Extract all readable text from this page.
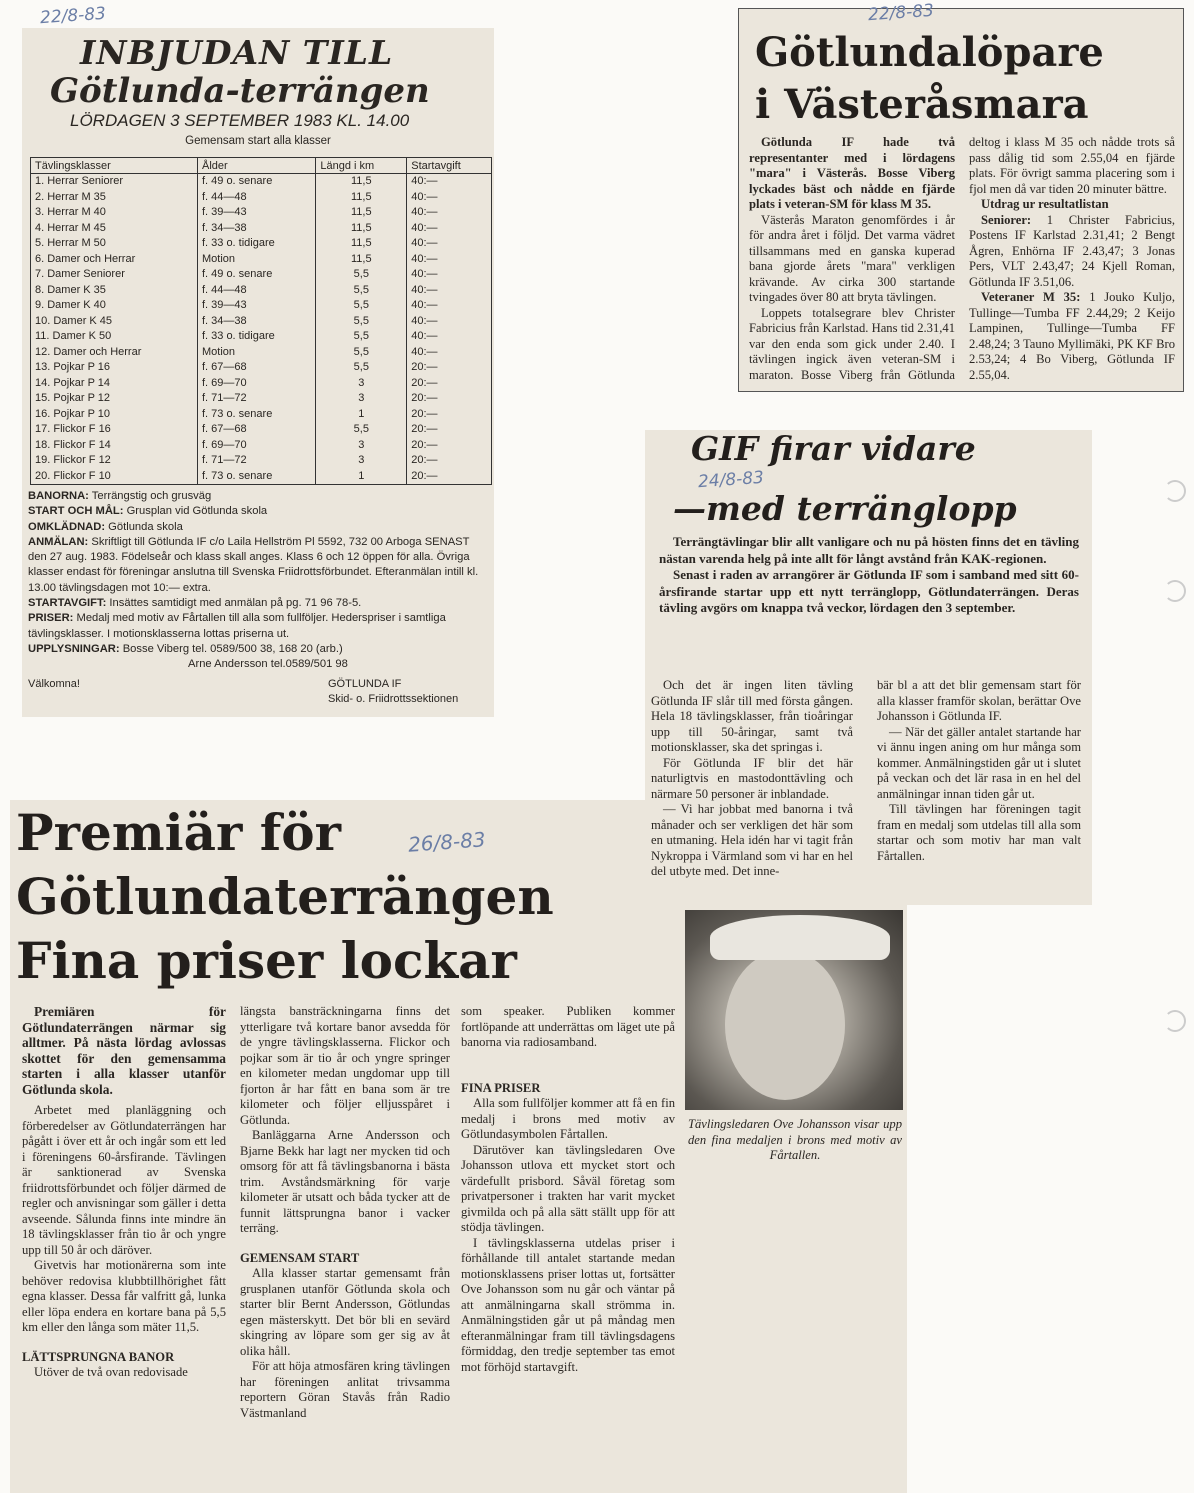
INBJUDAN TILL
Götlunda-terrängen
LÖRDAGEN 3 SEPTEMBER 1983 KL. 14.00
Gemensam start alla klasser
Tävlingsklasser	Ålder	Längd i km	Startavgift
1. Herrar Seniorer	f. 49 o. senare	11,5	40:—
2. Herrar M 35	f. 44—48	11,5	40:—
3. Herrar M 40	f. 39—43	11,5	40:—
4. Herrar M 45	f. 34—38	11,5	40:—
5. Herrar M 50	f. 33 o. tidigare	11,5	40:—
6. Damer och Herrar	Motion	11,5	40:—
7. Damer Seniorer	f. 49 o. senare	5,5	40:—
8. Damer K 35	f. 44—48	5,5	40:—
9. Damer K 40	f. 39—43	5,5	40:—
10. Damer K 45	f. 34—38	5,5	40:—
11. Damer K 50	f. 33 o. tidigare	5,5	40:—
12. Damer och Herrar	Motion	5,5	40:—
13. Pojkar P 16	f. 67—68	5,5	20:—
14. Pojkar P 14	f. 69—70	3	20:—
15. Pojkar P 12	f. 71—72	3	20:—
16. Pojkar P 10	f. 73 o. senare	1	20:—
17. Flickor F 16	f. 67—68	5,5	20:—
18. Flickor F 14	f. 69—70	3	20:—
19. Flickor F 12	f. 71—72	3	20:—
20. Flickor F 10	f. 73 o. senare	1	20:—
BANORNA: Terrängstig och grusväg
START OCH MÅL: Grusplan vid Götlunda skola
OMKLÄDNAD: Götlunda skola
ANMÄLAN: Skriftligt till Götlunda IF c/o Laila Hellström Pl 5592, 732 00 Arboga SENAST den 27 aug. 1983. Födelseår och klass skall anges. Klass 6 och 12 öppen för alla. Övriga klasser endast för föreningar anslutna till Svenska Friidrottsförbundet. Efteranmälan intill kl. 13.00 tävlingsdagen mot 10:— extra.
STARTAVGIFT: Insättes samtidigt med anmälan på pg. 71 96 78-5.
PRISER: Medalj med motiv av Fårtallen till alla som fullföljer. Hederspriser i samtliga tävlingsklasser. I motionsklasserna lottas priserna ut.
UPPLYSNINGAR: Bosse Viberg tel. 0589/500 38, 168 20 (arb.)
Arne Andersson tel.0589/501 98
Välkomna!	GÖTLUNDA IF
Skid- o. Friidrottssektionen
22/8-83
Götlundalöpare
i Västeråsmara

Götlunda IF hade två representanter med i lördagens "mara" i Västerås. Bosse Viberg lyckades bäst och nådde en fjärde plats i veteran-SM för klass M 35.

Västerås Maraton genomfördes i år för andra året i följd. Det varma vädret tillsammans med en ganska kuperad bana gjorde årets "mara" verkligen krävande. Av cirka 300 startande tvingades över 80 att bryta tävlingen.

Loppets totalsegrare blev Christer Fabricius från Karlstad. Hans tid 2.31,41 var den enda som gick under 2.40. I tävlingen ingick även veteran-SM i maraton. Bosse Viberg från Götlunda deltog i klass M 35 och nådde trots så pass dålig tid som 2.55,04 en fjärde plats. För övrigt samma placering som i fjol men då var tiden 20 minuter bättre.

Utdrag ur resultatlistan

Seniorer: 1 Christer Fabricius, Postens IF Karlstad 2.31,41; 2 Bengt Ågren, Enhörna IF 2.43,47; 3 Jonas Pers, VLT 2.43,47; 24 Kjell Roman, Götlunda IF 3.51,06.

Veteraner M 35: 1 Jouko Kuljo, Tullinge—Tumba FF 2.44,29; 2 Keijo Lampinen, Tullinge—Tumba FF 2.48,24; 3 Tauno Myllimäki, PK KF Bro 2.53,24; 4 Bo Viberg, Götlunda IF 2.55,04.

22/8-83
GIF firar vidare
—med terränglopp

Terrängtävlingar blir allt vanligare och nu på hösten finns det en tävling nästan varenda helg på inte allt för långt avstånd från KAK-regionen.

Senast i raden av arrangörer är Götlunda IF som i samband med sitt 60-årsfirande startar upp ett nytt terränglopp, Götlundaterrängen. Deras tävling avgörs om knappa två veckor, lördagen den 3 september.

Och det är ingen liten tävling Götlunda IF slår till med första gången. Hela 18 tävlingsklasser, från tioåringar upp till 50-åringar, samt två motionsklasser, ska det springas i.

För Götlunda IF blir det här naturligtvis en mastodonttävling och närmare 50 personer är inblandade.

— Vi har jobbat med banorna i två månader och ser verkligen det här som en utmaning. Hela idén har vi tagit från Nykroppa i Värmland som vi har en hel del utbyte med. Det inne-

bär bl a att det blir gemensam start för alla klasser framför skolan, berättar Ove Johansson i Götlunda IF.

— När det gäller antalet startande har vi ännu ingen aning om hur många som kommer. Anmälningstiden går ut i slutet på veckan och det lär rasa in en hel del anmälningar innan tiden går ut.

Till tävlingen har föreningen tagit fram en medalj som utdelas till alla som startar och som motiv har man valt Fårtallen.

24/8-83
Premiär för
Götlundaterrängen
Fina priser lockar

Premiären för Götlundaterrängen närmar sig alltmer. På nästa lördag avlossas skottet för den gemensamma starten i alla klasser utanför Götlunda skola.

Arbetet med planläggning och förberedelser av Götlundaterrängen har pågått i över ett år och ingår som ett led i föreningens 60-årsfirande. Tävlingen är sanktionerad av Svenska friidrottsförbundet och följer därmed de regler och anvisningar som gäller i detta avseende. Sålunda finns inte mindre än 18 tävlingsklasser från tio år och yngre upp till 50 år och däröver.

Givetvis har motionärerna som inte behöver redovisa klubbtillhörighet fått egna klasser. Dessa får valfritt gå, lunka eller löpa endera en kortare bana på 5,5 km eller den långa som mäter 11,5.

LÄTTSPRUNGNA BANOR

Utöver de två ovan redovisade

längsta bansträckningarna finns det ytterligare två kortare banor avsedda för de yngre tävlingsklasserna. Flickor och pojkar som är tio år och yngre springer en kilometer medan ungdomar upp till fjorton år har fått en bana som är tre kilometer och följer elljusspåret i Götlunda.

Banläggarna Arne Andersson och Bjarne Bekk har lagt ner mycken tid och omsorg för att få tävlingsbanorna i bästa trim. Avståndsmärkning för varje kilometer är utsatt och båda tycker att de funnit lättsprungna banor i vacker terräng.

GEMENSAM START

Alla klasser startar gemensamt från grusplanen utanför Götlunda skola och starter blir Bernt Andersson, Götlundas egen mästerskytt. Det bör bli en sevärd skingring av löpare som ger sig av åt olika håll.

För att höja atmosfären kring tävlingen har föreningen anlitat trivsamma reportern Göran Stavås från Radio Västmanland

som speaker. Publiken kommer fortlöpande att underrättas om läget ute på banorna via radiosamband.

FINA PRISER

Alla som fullföljer kommer att få en fin medalj i brons med motiv av Götlundasymbolen Fårtallen.

Därutöver kan tävlingsledaren Ove Johansson utlova ett mycket stort och värdefullt prisbord. Såväl företag som privatpersoner i trakten har varit mycket givmilda och på alla sätt ställt upp för att stödja tävlingen.

I tävlingsklasserna utdelas priser i förhållande till antalet startande medan motionsklassens priser lottas ut, fortsätter Ove Johansson som nu går och väntar på att anmälningarna skall strömma in. Anmälningstiden går ut på måndag men efteranmälningar fram till tävlingsdagens förmiddag, den tredje september tas emot mot förhöjd startavgift.

Tävlingsledaren Ove Johansson visar upp den fina medaljen i brons med motiv av Fårtallen.
26/8-83
